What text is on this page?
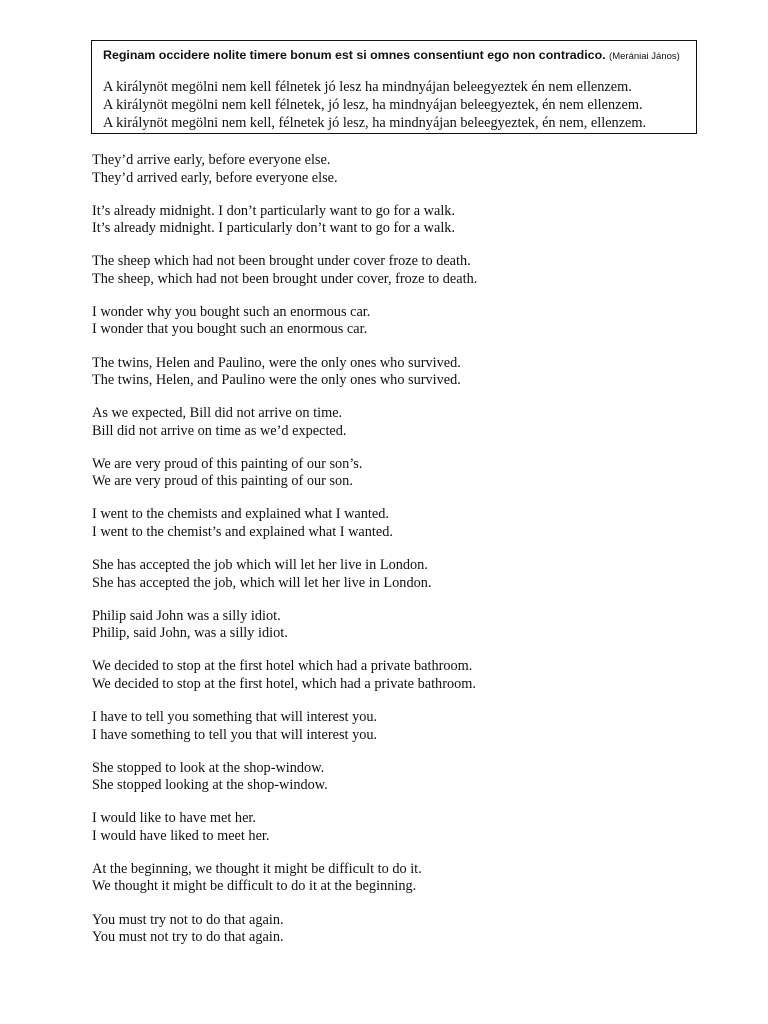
Reginam occidere nolite timere bonum est si omnes consentiunt ego non contradico. (Merániai János)
A királynöt megölni nem kell félnetek jó lesz ha mindnyájan beleegyeztek én nem ellenzem.
A királynöt megölni nem kell félnetek, jó lesz, ha mindnyájan beleegyeztek, én nem ellenzem.
A királynöt megölni nem kell, félnetek jó lesz, ha mindnyájan beleegyeztek, én nem, ellenzem.
They’d arrive early, before everyone else.
They’d arrived early, before everyone else.
It’s already midnight. I don’t particularly want to go for a walk.
It’s already midnight. I particularly don’t want to go for a walk.
The sheep which had not been brought under cover froze to death.
The sheep, which had not been brought under cover, froze to death.
I wonder why you bought such an enormous car.
I wonder that you bought such an enormous car.
The twins, Helen and Paulino, were the only ones who survived.
The twins, Helen, and Paulino were the only ones who survived.
As we expected, Bill did not arrive on time.
Bill did not arrive on time as we’d expected.
We are very proud of this painting of our son’s.
We are very proud of this painting of our son.
I went to the chemists and explained what I wanted.
I went to the chemist’s and explained what I wanted.
She has accepted the job which will let her live in London.
She has accepted the job, which will let her live in London.
Philip said John was a silly idiot.
Philip, said John, was a silly idiot.
We decided to stop at the first hotel which had a private bathroom.
We decided to stop at the first hotel, which had a private bathroom.
I have to tell you something that will interest you.
I have something to tell you that will interest you.
She stopped to look at the shop-window.
She stopped looking at the shop-window.
I would like to have met her.
I would have liked to meet her.
At the beginning, we thought it might be difficult to do it.
We thought it might be difficult to do it at the beginning.
You must try not to do that again.
You must not try to do that again.
